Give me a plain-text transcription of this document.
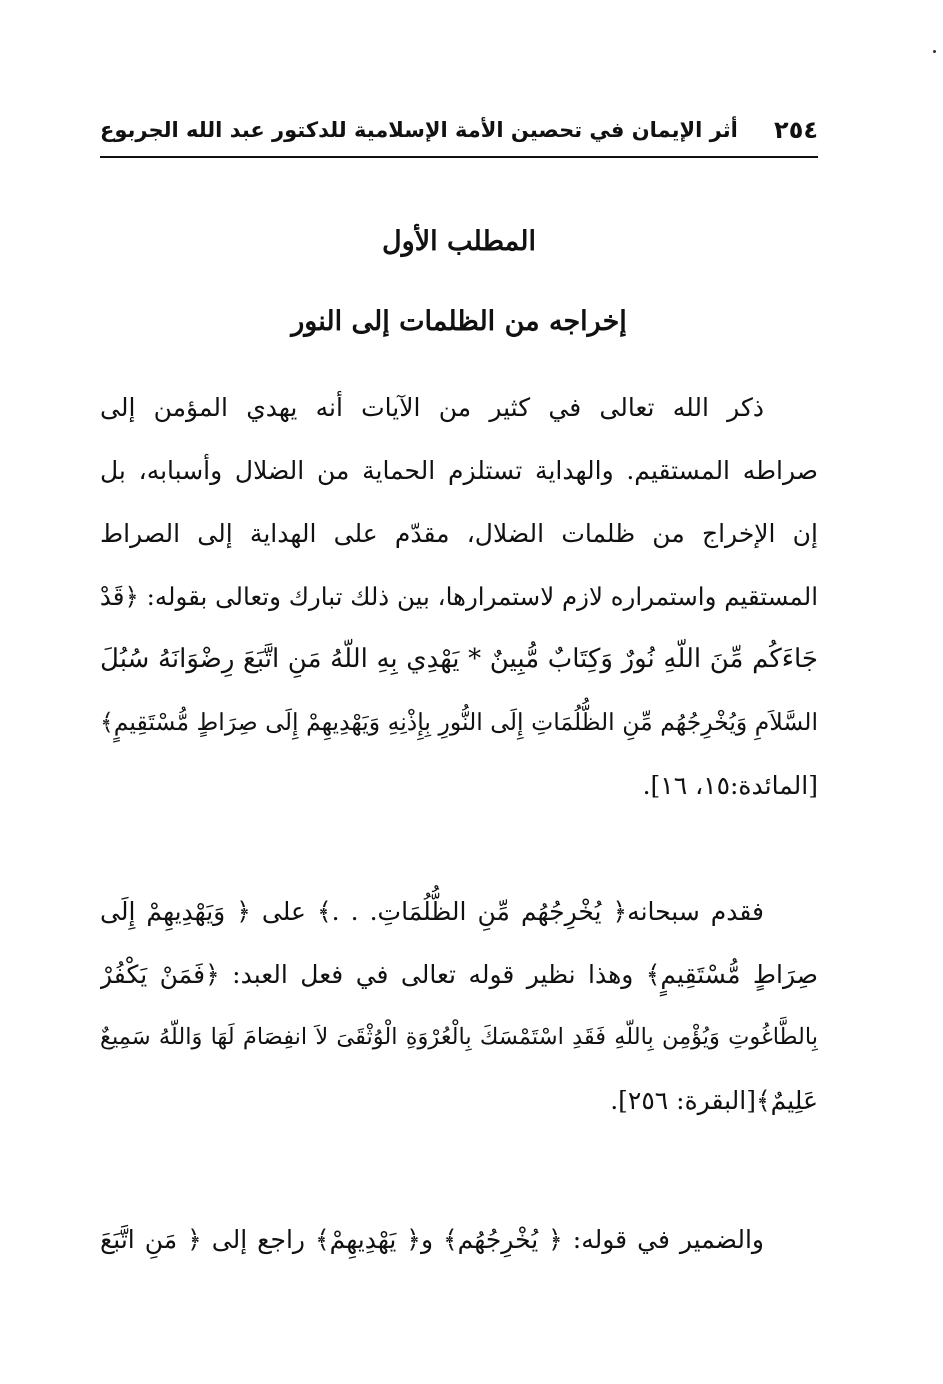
أثر الإيمان في تحصين الأمة الإسلامية للدكتور عبد الله الجربوع ٢٥٤
المطلب الأول
إخراجه من الظلمات إلى النور
ذكر الله تعالى في كثير من الآيات أنه يهدي المؤمن إلى
صراطه المستقيم. والهداية تستلزم الحماية من الضلال وأسبابه، بل
إن الإخراج من ظلمات الضلال، مقدّم على الهداية إلى الصراط
المستقيم واستمراره لازم لاستمرارها، بين ذلك تبارك وتعالى بقوله: ﴿قَدْ
جَاءَكُم مِّنَ اللّهِ نُورٌ وَكِتَابٌ مُّبِينٌ * يَهْدِي بِهِ اللّهُ مَنِ اتَّبَعَ رِضْوَانَهُ سُبُلَ
السَّلاَمِ وَيُخْرِجُهُم مِّنِ الظُّلُمَاتِ إِلَى النُّورِ بِإِذْنِهِ وَيَهْدِيهِمْ إِلَى صِرَاطٍ مُّسْتَقِيمٍ﴾
[المائدة:١٥، ١٦].
فقدم سبحانه﴿ يُخْرِجُهُم مِّنِ الظُّلُمَاتِ. . .﴾ على ﴿ وَيَهْدِيهِمْ إِلَى
صِرَاطٍ مُّسْتَقِيمٍ﴾ وهذا نظير قوله تعالى في فعل العبد: ﴿فَمَنْ يَكْفُرْ
بِالطَّاغُوتِ وَيُؤْمِن بِاللّهِ فَقَدِ اسْتَمْسَكَ بِالْعُرْوَةِ الْوُثْقَىَ لاَ انفِصَامَ لَهَا وَاللّهُ سَمِيعٌ
عَلِيمٌ﴾[البقرة: ٢٥٦].
والضمير في قوله: ﴿ يُخْرِجُهُم﴾ و﴿ يَهْدِيهِمْ﴾ راجع إلى ﴿ مَنِ اتَّبَعَ
